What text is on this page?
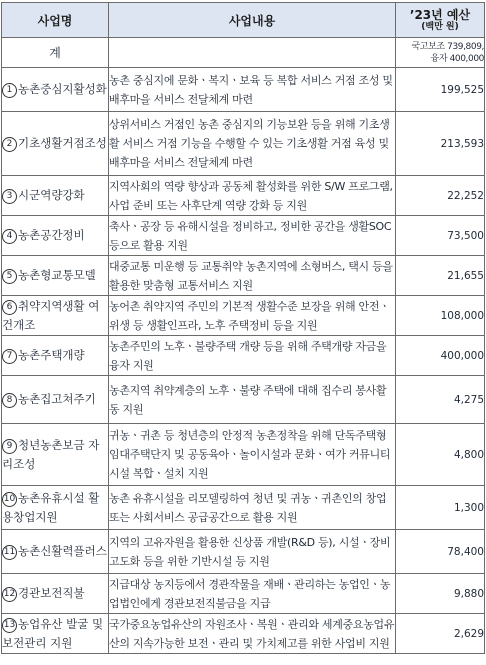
사업명	사업내용	’23년 예산
(백만 원)

계		국고보조 739,809,
융자 400,000

1 농촌중심지활성화	농촌 중심지에 문화ㆍ복지ㆍ보육 등 복합 서비스 거점 조성 및 배후마을 서비스 전달체계 마련	199,525
2 기초생활거점조성	상위서비스 거점인 농촌 중심지의 기능보완 등을 위해 기초생활 서비스 거점 기능을 수행할 수 있는 기초생활 거점 육성 및 배후마을 서비스 전달체계 마련	213,593
3 시군역량강화	지역사회의 역량 향상과 공동체 활성화를 위한 S/W 프로그램, 사업 준비 또는 사후단계 역량 강화 등 지원	22,252
4 농촌공간정비	축사ㆍ공장 등 유해시설을 정비하고, 정비한 공간을 생활SOC 등으로 활용 지원	73,500
5 농촌형교통모델	대중교통 미운행 등 교통취약 농촌지역에 소형버스, 택시 등을 활용한 맞춤형 교통서비스 지원	21,655
6 취약지역생활 여건개조	농어촌 취약지역 주민의 기본적 생활수준 보장을 위해 안전ㆍ위생 등 생활인프라, 노후 주택정비 등을 지원	108,000
7 농촌주택개량	농촌주민의 노후ㆍ불량주택 개량 등을 위해 주택개량 자금을 융자 지원	400,000
8 농촌집고쳐주기	농촌지역 취약계층의 노후ㆍ불량 주택에 대해 집수리 봉사활동 지원	4,275
9 청년농촌보금 자리조성	귀농ㆍ귀촌 등 청년층의 안정적 농촌정착을 위해 단독주택형 임대주택단지 및 공동육아ㆍ놀이시설과 문화ㆍ여가 커뮤니티시설 복합ㆍ설치 지원	4,800
10 농촌유휴시설 활용창업지원	농촌 유휴시설을 리모델링하여 청년 및 귀농ㆍ귀촌인의 창업 또는 사회서비스 공급공간으로 활용 지원	1,300
11 농촌신활력플러스	지역의 고유자원을 활용한 신상품 개발(R&D 등), 시설ㆍ장비 고도화 등을 위한 기반시설 등 지원	78,400
12 경관보전직불	지급대상 농지등에서 경관작물을 재배ㆍ관리하는 농업인ㆍ농업법인에게 경관보전직불금을 지급	9,880
13 농업유산 발굴 및 보전관리 지원	국가중요농업유산의 자원조사ㆍ복원ㆍ관리와 세계중요농업유산의 지속가능한 보전ㆍ관리 및 가치제고를 위한 사업비 지원	2,629
